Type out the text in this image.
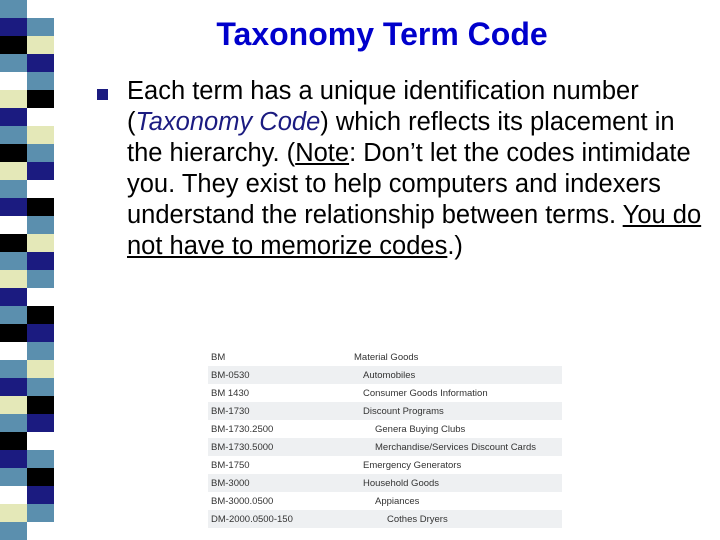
Taxonomy Term Code
Each term has a unique identification number (Taxonomy Code) which reflects its placement in the hierarchy. (Note: Don’t let the codes intimidate you. They exist to help computers and indexers understand the relationship between terms. You do not have to memorize codes.)
BM	Material Goods
BM-0530	Automobiles
BM 1430	Consumer Goods Information
BM-1730	Discount Programs
BM-1730.2500	Genera Buying Clubs
BM-1730.5000	Merchandise/Services Discount Cards
BM-1750	Emergency Generators
BM-3000	Household Goods
BM-3000.0500	Appiances
DM-2000.0500-150	Cothes Dryers
